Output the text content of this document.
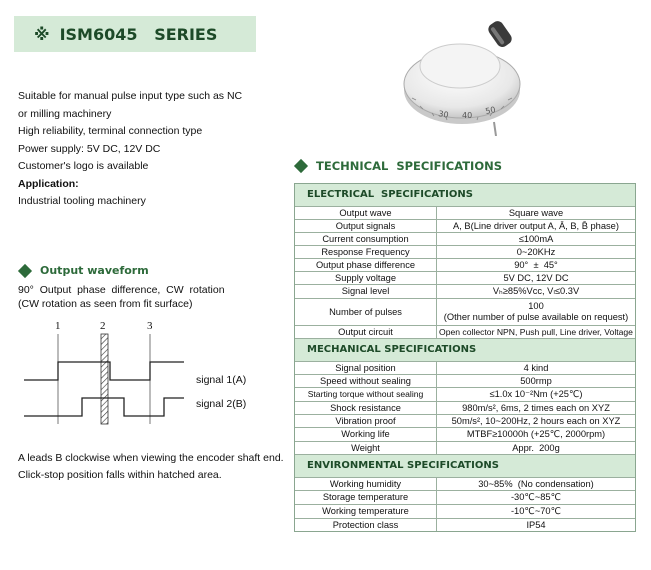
※ ISM6045   SERIES
Suitable for manual pulse input type such as NC
or milling machinery
High reliability, terminal connection type
Power supply: 5V DC, 12V DC
Customer's logo is available
Application:
Industrial tooling machinery
Output waveform
90°  Output  phase  difference,  CW  rotation
(CW rotation as seen from fit surface)
1	2	3
signal 1(A)
signal 2(B)
A leads B clockwise when viewing the encoder shaft end.
Click-stop position falls within hatched area.
30 40 50
TECHNICAL  SPECIFICATIONS
ELECTRICAL  SPECIFICATIONS
Output wave	Square wave
Output signals	A, B(Line driver output A, Ā, B, B̄ phase)
Current consumption	≤100mA
Response Frequency	0~20KHz
Output phase difference	90°  ±  45°
Supply voltage	5V DC, 12V DC
Signal level	Vₕ≥85%Vcc, Vₗ≤0.3V
Number of pulses
100
(Other number of pulse available on request)
Output circuit	Open collector NPN, Push pull, Line driver, Voltage
MECHANICAL SPECIFICATIONS
Signal position	4 kind
Speed without sealing	500rmp
Starting torque without sealing	≤1.0x 10⁻²Nm (+25℃)
Shock resistance	980m/s², 6ms, 2 times each on XYZ
Vibration proof	50m/s², 10~200Hz, 2 hours each on XYZ
Working life	MTBF≥10000h (+25℃, 2000rpm)
Weight	Appr.  200g
ENVIRONMENTAL SPECIFICATIONS
Working humidity	30~85%  (No condensation)
Storage temperature	-30℃~85℃
Working temperature	-10℃~70℃
Protection class	IP54
